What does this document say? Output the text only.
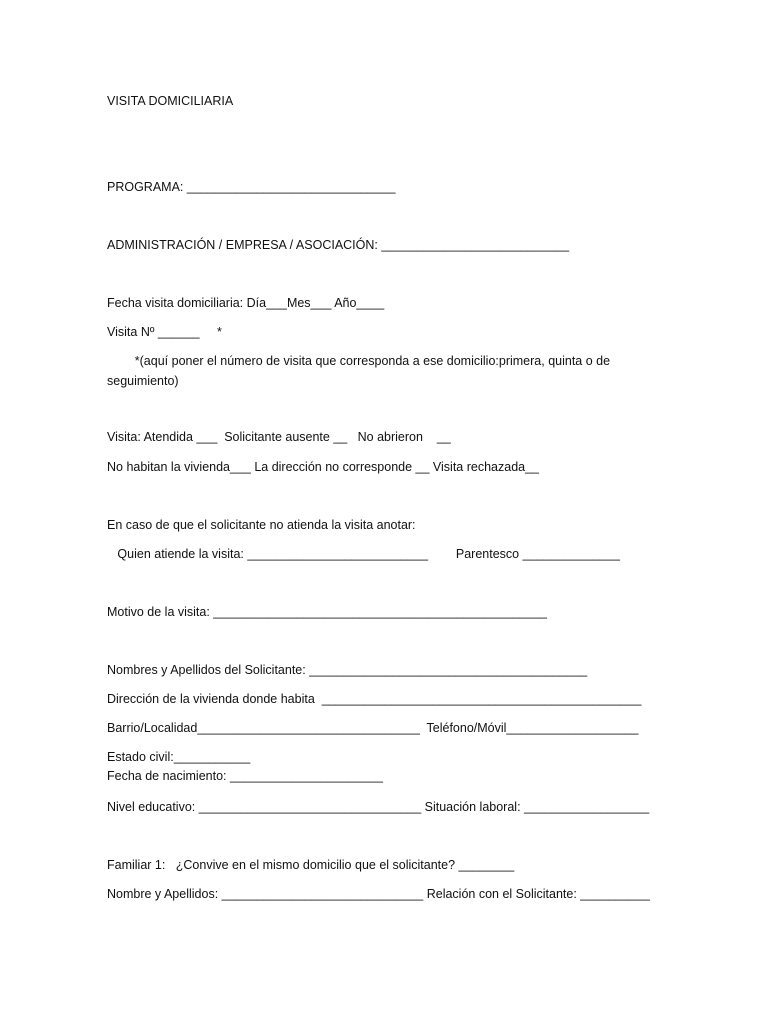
VISITA DOMICILIARIA
PROGRAMA: ______________________________
ADMINISTRACIÓN / EMPRESA / ASOCIACIÓN: ___________________________
Fecha visita domiciliaria: Día___Mes___ Año____
Visita Nº ______     *
*(aquí poner el número de visita que corresponda a ese domicilio:primera, quinta o de
seguimiento)
Visita: Atendida ___  Solicitante ausente __   No abrieron    __
No habitan la vivienda___ La dirección no corresponde __ Visita rechazada__
En caso de que el solicitante no atienda la visita anotar:
Quien atiende la visita: __________________________        Parentesco ______________
Motivo de la visita: ________________________________________________
Nombres y Apellidos del Solicitante: ________________________________________
Dirección de la vivienda donde habita  ______________________________________________
Barrio/Localidad________________________________  Teléfono/Móvil___________________
Estado civil:___________
Fecha de nacimiento: ______________________
Nivel educativo: ________________________________ Situación laboral: __________________
Familiar 1:   ¿Convive en el mismo domicilio que el solicitante? ________
Nombre y Apellidos: _____________________________ Relación con el Solicitante: __________
